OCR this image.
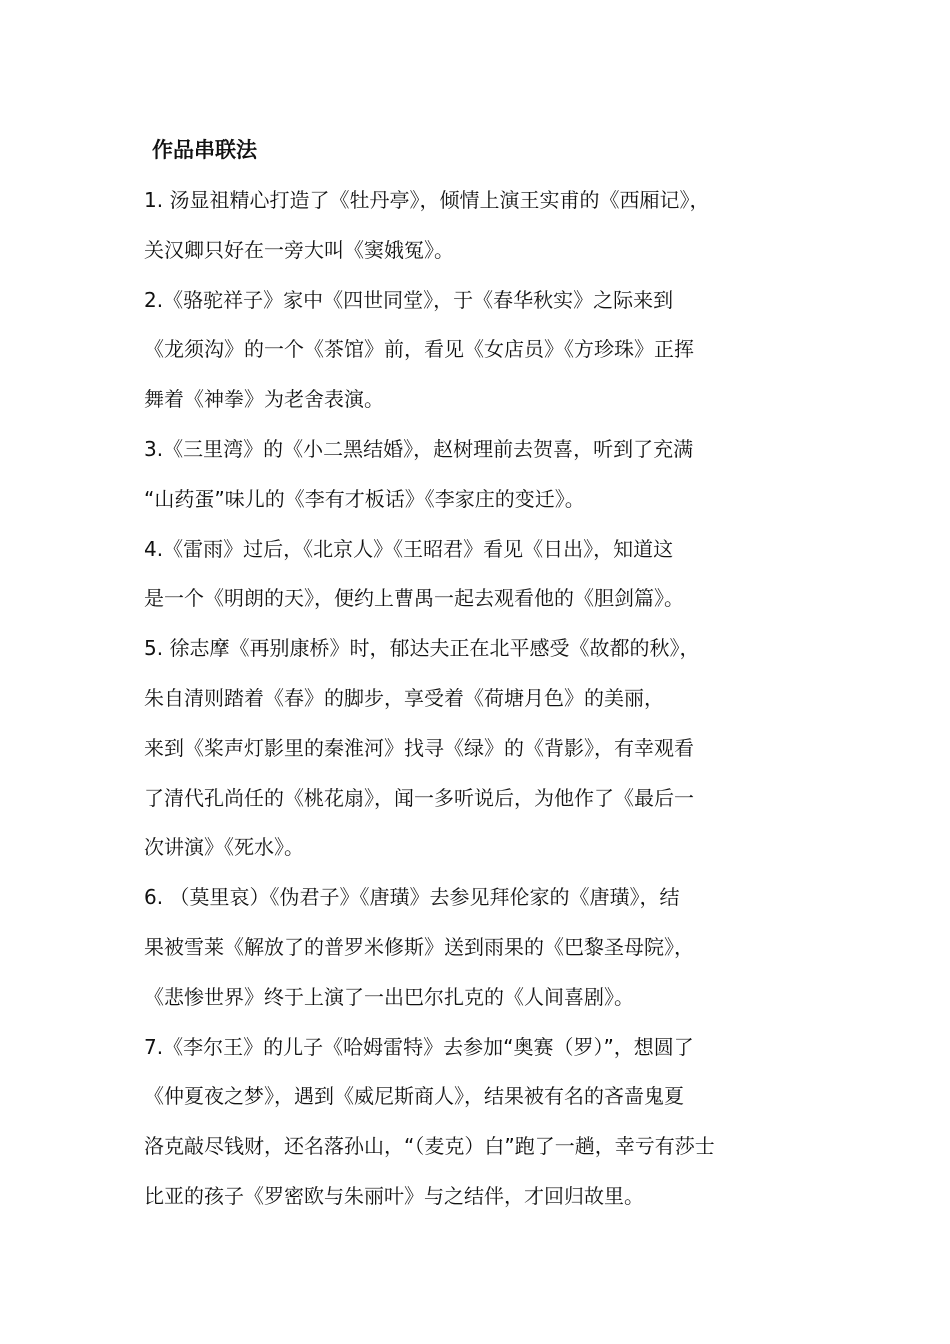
作品串联法
1. 汤显祖精心打造了《牡丹亭》，倾情上演王实甫的《西厢记》，
关汉卿只好在一旁大叫《窦娥冤》。
2.《骆驼祥子》家中《四世同堂》，于《春华秋实》之际来到
《龙须沟》的一个《茶馆》前，看见《女店员》《方珍珠》正挥
舞着《神拳》为老舍表演。
3.《三里湾》的《小二黑结婚》，赵树理前去贺喜，听到了充满
“山药蛋”味儿的《李有才板话》《李家庄的变迁》。
4.《雷雨》过后，《北京人》《王昭君》看见《日出》，知道这
是一个《明朗的天》，便约上曹禺一起去观看他的《胆剑篇》。
5. 徐志摩《再别康桥》时，郁达夫正在北平感受《故都的秋》，
朱自清则踏着《春》的脚步，享受着《荷塘月色》的美丽，
来到《桨声灯影里的秦淮河》找寻《绿》的《背影》，有幸观看
了清代孔尚任的《桃花扇》，闻一多听说后，为他作了《最后一
次讲演》《死水》。
6. （莫里哀）《伪君子》《唐璜》去参见拜伦家的《唐璜》，结
果被雪莱《解放了的普罗米修斯》送到雨果的《巴黎圣母院》，
《悲惨世界》终于上演了一出巴尔扎克的《人间喜剧》。
7.《李尔王》的儿子《哈姆雷特》去参加“奥赛（罗）”，想圆了
《仲夏夜之梦》，遇到《威尼斯商人》，结果被有名的吝啬鬼夏
洛克敲尽钱财，还名落孙山，“（麦克）白”跑了一趟，幸亏有莎士
比亚的孩子《罗密欧与朱丽叶》与之结伴，才回归故里。
